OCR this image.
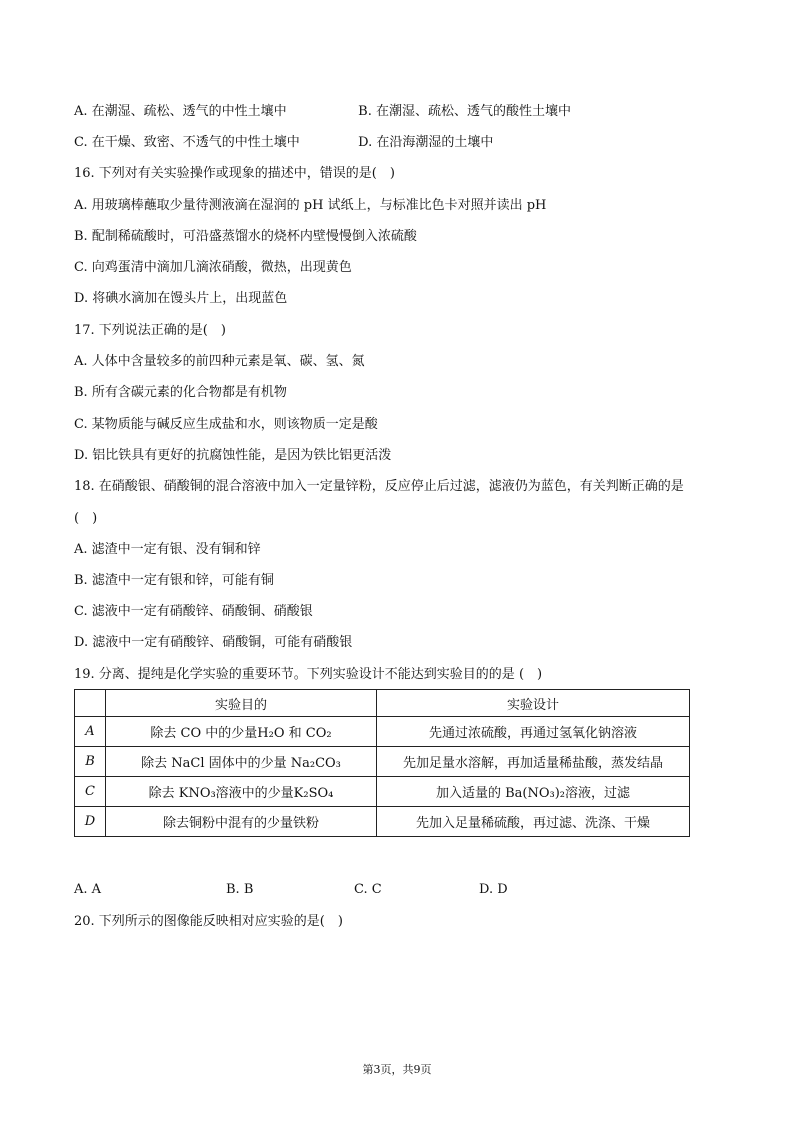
A. 在潮湿、疏松、透气的中性土壤中	B. 在潮湿、疏松、透气的酸性土壤中
C. 在干燥、致密、不透气的中性土壤中	D. 在沿海潮湿的土壤中
16. 下列对有关实验操作或现象的描述中，错误的是(　)
A. 用玻璃棒蘸取少量待测液滴在湿润的 pH 试纸上，与标准比色卡对照并读出 pH
B. 配制稀硫酸时，可沿盛蒸馏水的烧杯内壁慢慢倒入浓硫酸
C. 向鸡蛋清中滴加几滴浓硝酸，微热，出现黄色
D. 将碘水滴加在馒头片上，出现蓝色
17. 下列说法正确的是(　)
A. 人体中含量较多的前四种元素是氧、碳、氢、氮
B. 所有含碳元素的化合物都是有机物
C. 某物质能与碱反应生成盐和水，则该物质一定是酸
D. 铝比铁具有更好的抗腐蚀性能，是因为铁比铝更活泼
18. 在硝酸银、硝酸铜的混合溶液中加入一定量锌粉，反应停止后过滤，滤液仍为蓝色，有关判断正确的是
(　)
A. 滤渣中一定有银、没有铜和锌
B. 滤渣中一定有银和锌，可能有铜
C. 滤液中一定有硝酸锌、硝酸铜、硝酸银
D. 滤液中一定有硝酸锌、硝酸铜，可能有硝酸银
19. 分离、提纯是化学实验的重要环节。下列实验设计不能达到实验目的的是 (　)
	实验目的	实验设计
A	除去 CO 中的少量H₂O 和 CO₂	先通过浓硫酸，再通过氢氧化钠溶液
B	除去 NaCl 固体中的少量 Na₂CO₃	先加足量水溶解，再加适量稀盐酸，蒸发结晶
C	除去 KNO₃溶液中的少量K₂SO₄	加入适量的 Ba(NO₃)₂溶液，过滤
D	除去铜粉中混有的少量铁粉	先加入足量稀硫酸，再过滤、洗涤、干燥
A. A	B. B	C. C	D. D
20. 下列所示的图像能反映相对应实验的是(　)
第3页，共9页
